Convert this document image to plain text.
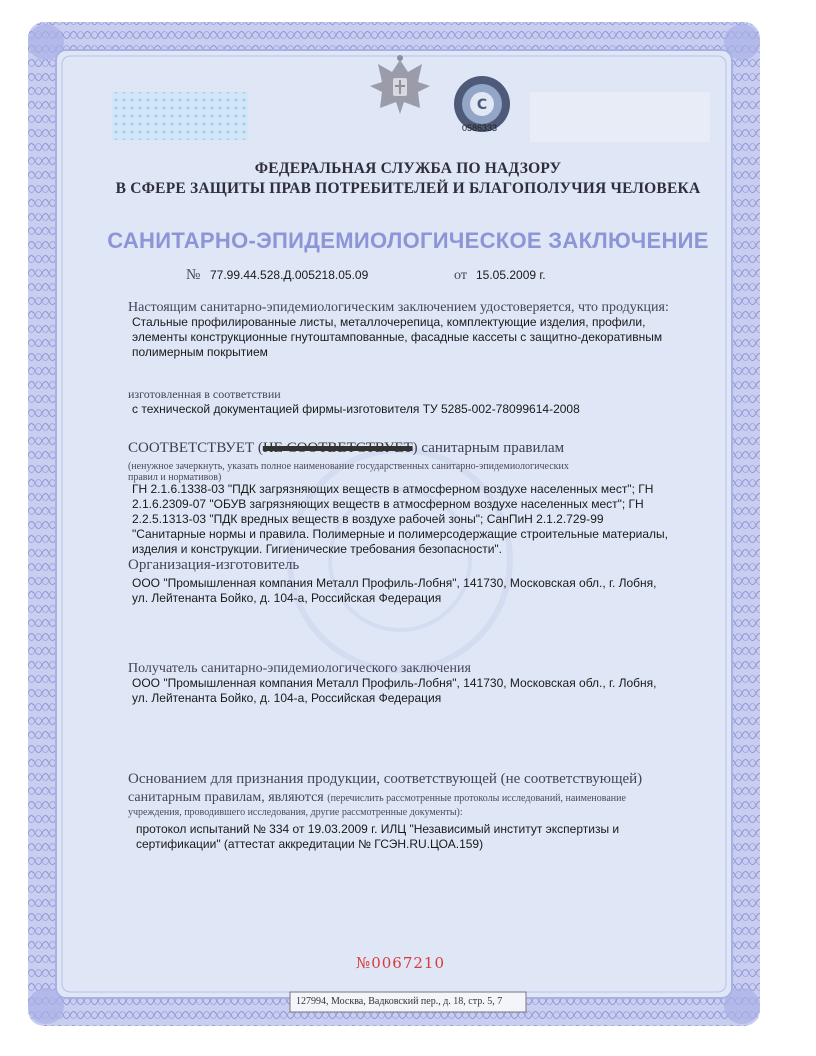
С
0586333

ФЕДЕРАЛЬНАЯ СЛУЖБА ПО НАДЗОРУ

В СФЕРЕ ЗАЩИТЫ ПРАВ ПОТРЕБИТЕЛЕЙ И БЛАГОПОЛУЧИЯ ЧЕЛОВЕКА

САНИТАРНО-ЭПИДЕМИОЛОГИЧЕСКОЕ ЗАКЛЮЧЕНИЕ

№ 77.99.44.528.Д.005218.05.09	от 15.05.2009 г.

Настоящим санитарно-эпидемиологическим заключением удостоверяется, что продукция:

Стальные профилированные листы, металлочерепица, комплектующие изделия, профили,

элементы конструкционные гнутоштампованные, фасадные кассеты с защитно-декоративным

полимерным покрытием

изготовленная в соответствии

с технической документацией фирмы-изготовителя ТУ 5285-002-78099614-2008

СООТВЕТСТВУЕТ (НЕ СООТВЕТСТВУЕТ) санитарным правилам

(ненужное зачеркнуть, указать полное наименование государственных санитарно-эпидемиологических

правил и нормативов)

ГН 2.1.6.1338-03 "ПДК загрязняющих веществ в атмосферном воздухе населенных мест"; ГН

2.1.6.2309-07 "ОБУВ загрязняющих веществ в атмосферном воздухе населенных мест"; ГН

2.2.5.1313-03 "ПДК вредных веществ в воздухе рабочей зоны"; СанПиН 2.1.2.729-99

"Санитарные нормы и правила. Полимерные и полимерсодержащие строительные материалы,

изделия и конструкции. Гигиенические требования безопасности".

Организация-изготовитель

ООО "Промышленная компания Металл Профиль-Лобня", 141730, Московская обл., г. Лобня,

ул. Лейтенанта Бойко, д. 104-а, Российская Федерация

Получатель санитарно-эпидемиологического заключения

ООО "Промышленная компания Металл Профиль-Лобня", 141730, Московская обл., г. Лобня,

ул. Лейтенанта Бойко, д. 104-а, Российская Федерация

Основанием для признания продукции, соответствующей (не соответствующей)

санитарным правилам, являются (перечислить рассмотренные протоколы исследований, наименование

учреждения, проводившего исследования, другие рассмотренные документы):

протокол испытаний № 334 от 19.03.2009 г. ИЛЦ "Независимый институт экспертизы и

сертификации" (аттестат аккредитации № ГСЭН.RU.ЦОА.159)

№0067210

127994, Москва, Вадковский пер., д. 18, стр. 5, 7
